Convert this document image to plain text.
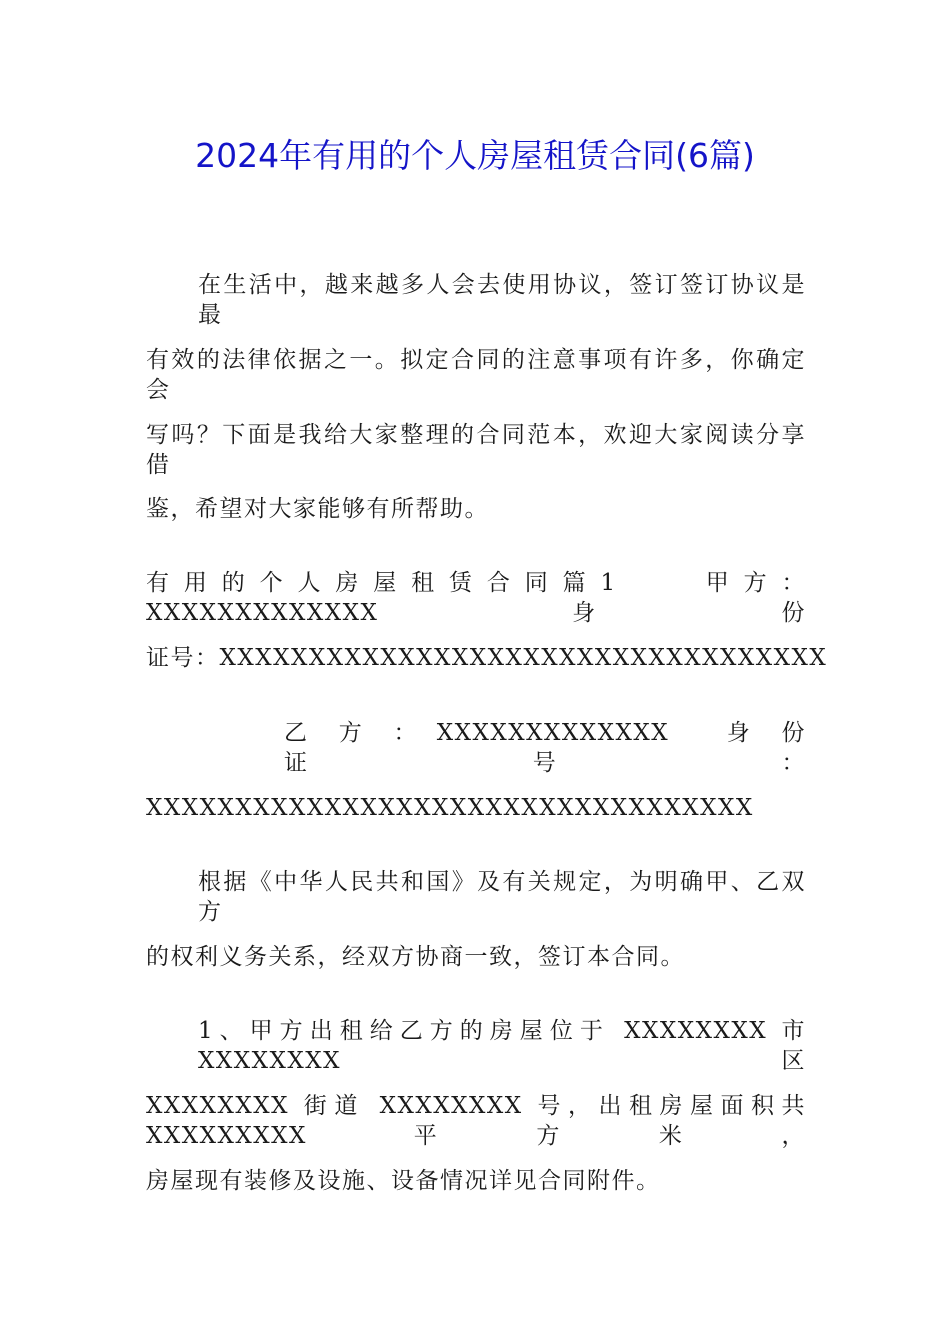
2024年有用的个人房屋租赁合同(6篇)
在生活中，越来越多人会去使用协议，签订签订协议是最
有效的法律依据之一。拟定合同的注意事项有许多，你确定会
写吗？下面是我给大家整理的合同范本，欢迎大家阅读分享借
鉴，希望对大家能够有所帮助。
有用的个人房屋租赁合同篇1　　甲方：XXXXXXXXXXXXX 身份
证号：XXXXXXXXXXXXXXXXXXXXXXXXXXXXXXXXXX
乙　方　：　XXXXXXXXXXXXX　　身　份　证　号　：
XXXXXXXXXXXXXXXXXXXXXXXXXXXXXXXXXX
根据《中华人民共和国》及有关规定，为明确甲、乙双方
的权利义务关系，经双方协商一致，签订本合同。
1、甲方出租给乙方的房屋位于 XXXXXXXX 市 XXXXXXXX 区
XXXXXXXX 街道 XXXXXXXX 号，出租房屋面积共 XXXXXXXXX 平方米，
房屋现有装修及设施、设备情况详见合同附件。
